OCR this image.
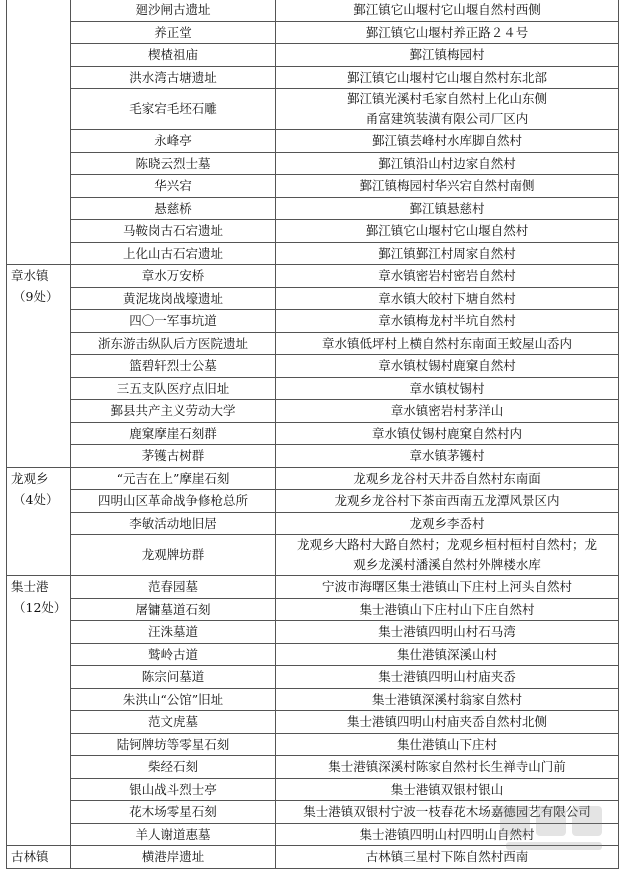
	廻沙闸古遗址	鄞江镇它山堰村它山堰自然村西侧
	养正堂	鄞江镇它山堰村养正路２４号
	楔楂祖庙	鄞江镇梅园村
	洪水湾古塘遗址	鄞江镇它山堰村它山堰自然村东北部
	毛家宕毛坯石雕	鄞江镇光溪村毛家自然村上化山东侧
甬富建筑装潢有限公司厂区内

	永峰亭	鄞江镇芸峰村水库脚自然村
	陈晓云烈士墓	鄞江镇沿山村边家自然村
	华兴宕	鄞江镇梅园村华兴宕自然村南侧
	悬慈桥	鄞江镇悬慈村
	马鞍岗古石宕遗址	鄞江镇它山堰村它山堰自然村
	上化山古石宕遗址	鄞江镇鄞江村周家自然村
章水镇
（9处）	章水万安桥	章水镇密岩村密岩自然村
	黄泥垅岗战壕遗址	章水镇大皎村下塘自然村
	四〇一军事坑道	章水镇梅龙村半坑自然村
	浙东游击纵队后方医院遗址	章水镇低坪村上横自然村东南面王蛟屋山岙内
	篮碧轩烈士公墓	章水镇杖锡村鹿窠自然村
	三五支队医疗点旧址	章水镇杖锡村
	鄞县共产主义劳动大学	章水镇密岩村茅洋山
	鹿窠摩崖石刻群	章水镇仗锡村鹿窠自然村内
	茅镬古树群	章水镇茅镬村
龙观乡
（4处）	“元吉在上”摩崖石刻	龙观乡龙谷村天井岙自然村东南面
	四明山区革命战争修枪总所	龙观乡龙谷村下茶亩西南五龙潭风景区内
	李敏活动地旧居	龙观乡李岙村
	龙观牌坊群	龙观乡大路村大路自然村；龙观乡桓村桓村自然村；龙
观乡龙溪村潘溪自然村外牌楼水库

集士港
（12处）	范春园墓	宁波市海曙区集士港镇山下庄村上河头自然村
	屠镛墓道石刻	集士港镇山下庄村山下庄自然村
	汪洙墓道	集士港镇四明山村石马湾
	鹫岭古道	集仕港镇深溪山村
	陈宗问墓道	集士港镇四明山村庙夹岙
	朱洪山“公馆”旧址	集士港镇深溪村翁家自然村
	范文虎墓	集士港镇四明山村庙夹岙自然村北侧
	陆钶牌坊等零星石刻	集仕港镇山下庄村
	柴经石刻	集士港镇深溪村陈家自然村长生禅寺山门前
	银山战斗烈士亭	集士港镇双银村银山
	花木场零星石刻	集士港镇双银村宁波一枝春花木场嘉德园艺有限公司
	羊人谢道惠墓	集士港镇四明山村四明山自然村
古林镇	横港岸遗址	古林镇三星村下陈自然村西南
